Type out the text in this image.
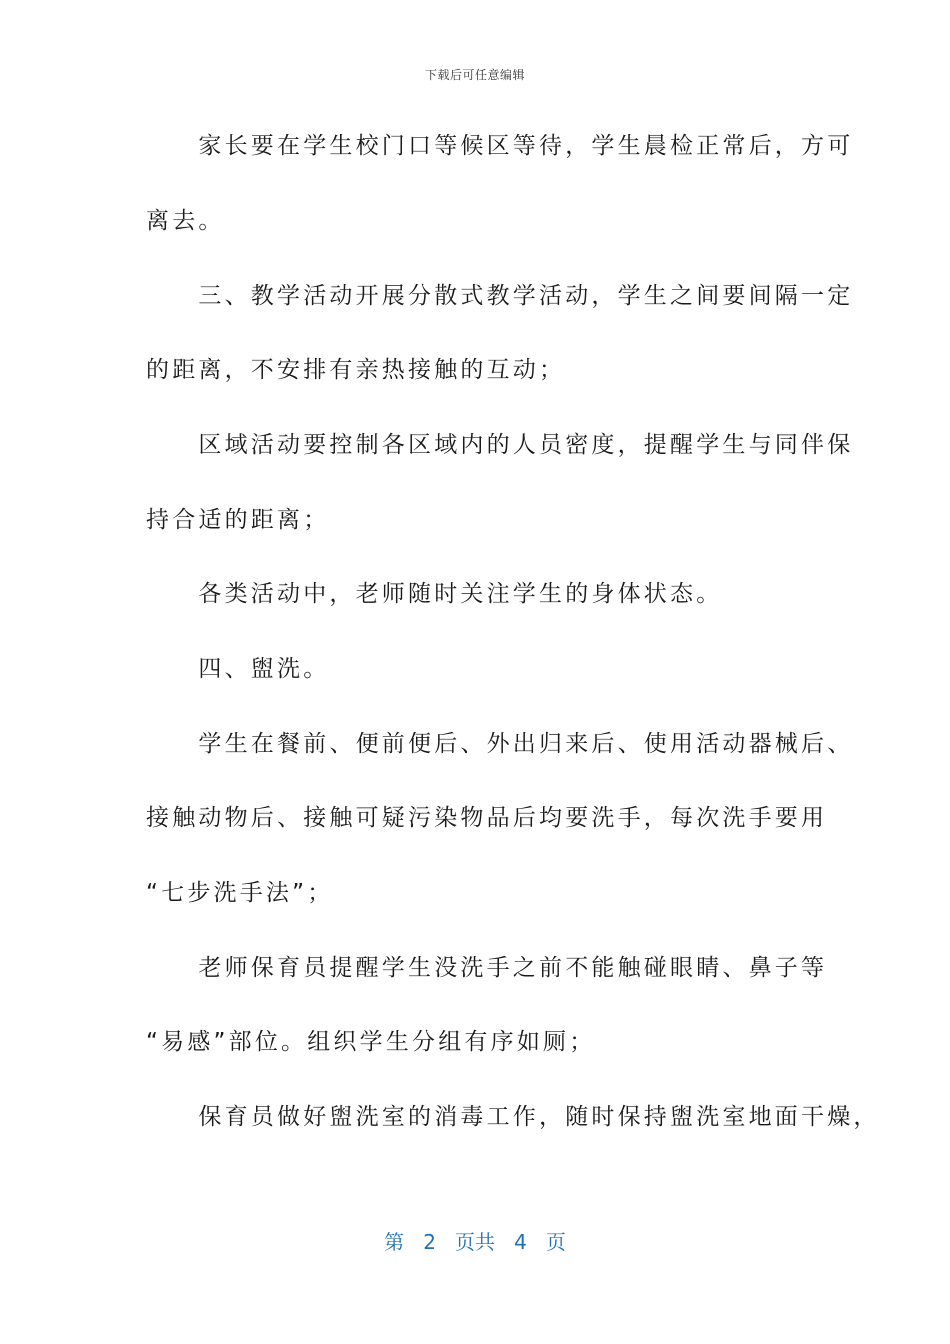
下载后可任意编辑
　　家长要在学生校门口等候区等待，学生晨检正常后，方可
离去。
　　三、教学活动开展分散式教学活动，学生之间要间隔一定
的距离，不安排有亲热接触的互动；
　　区域活动要控制各区域内的人员密度，提醒学生与同伴保
持合适的距离；
　　各类活动中，老师随时关注学生的身体状态。
　　四、盥洗。
　　学生在餐前、便前便后、外出归来后、使用活动器械后、
接触动物后、接触可疑污染物品后均要洗手，每次洗手要用
“七步洗手法”；
　　老师保育员提醒学生没洗手之前不能触碰眼睛、鼻子等
“易感”部位。组织学生分组有序如厕；
　　保育员做好盥洗室的消毒工作，随时保持盥洗室地面干燥，
第 2 页共 4 页
